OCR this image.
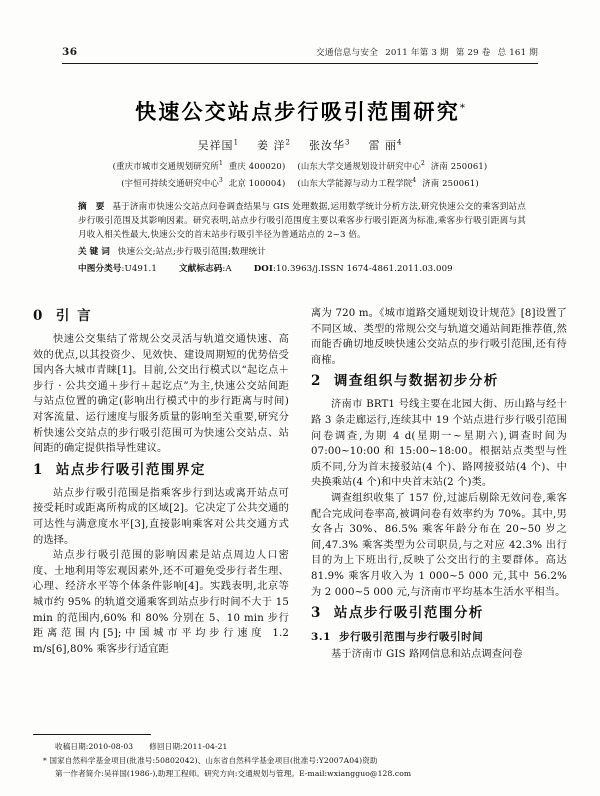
36	交通信息与安全 2011 年第 3 期 第 29 卷 总 161 期
快速公交站点步行吸引范围研究*
吴祥国$^1$ 姜 洋$^2$ 张汝华$^3$ 雷 丽$^4$
(重庆市城市交通规划研究所$^1$ 重庆 400020) (山东大学交通规划设计研究中心$^2$ 济南 250061)
(宇恒可持续交通研究中心$^3$ 北京 100004) (山东大学能源与动力工程学院$^4$ 济南 250061)

摘 要 基于济南市快速公交站点问卷调查结果与 GIS 处理数据,运用数学统计分析方法,研究快速公交的乘客到站点步行吸引范围及其影响因素。研究表明,站点步行吸引范围度主要以乘客步行吸引距离为标准,乘客步行吸引距离与其月收入相关性最大,快速公交的首末站步行吸引半径为普通站点的 2~3 倍。

关键词 快速公交;站点;步行吸引范围;数理统计

中图分类号:U491.1	文献标志码:A	DOI:10.3963/j.ISSN 1674-4861.2011.03.009

0 引 言

快速公交集结了常规公交灵活与轨道交通快速、高效的优点,以其投资少、见效快、建设周期短的优势倍受国内各大城市青睐[1]。目前,公交出行模式以“起讫点＋步行 · 公共交通＋步行＋起讫点”为主,快速公交站间距与站点位置的确定(影响出行模式中的步行距离与时间)对客流量、运行速度与服务质量的影响至关重要,研究分析快速公交站点的步行吸引范围可为快速公交站点、站间距的确定提供指导性建议。

1 站点步行吸引范围界定

站点步行吸引范围是指乘客步行到达或离开站点可接受耗时或距离所构成的区域[2]。它决定了公共交通的可达性与满意度水平[3],直接影响乘客对公共交通方式的选择。

站点步行吸引范围的影响因素是站点周边人口密度、土地利用等宏观因素外,还不可避免受步行者生理、心理、经济水平等个体条件影响[4]。实践表明,北京等城市约 95% 的轨道交通乘客到站点步行时间不大于 15 min 的范围内,60% 和 80% 分别在 5、10 min 步行距离范围内[5];中国城市平均步行速度 1.2 m/s[6],80% 乘客步行适宜距

离为 720 m。《城市道路交通规划设计规范》[8]设置了不同区域、类型的常规公交与轨道交通站间距推荐值,然而能否确切地反映快速公交站点的步行吸引范围,还有待商榷。

2 调查组织与数据初步分析

济南市 BRT1 号线主要在北园大街、历山路与经十路 3 条走廊运行,连续其中 19 个站点进行步行吸引范围问卷调查,为期 4 d(星期一~星期六),调查时间为 07:00~10:00 和 15:00~18:00。根据站点类型与性质不同,分为首末接驳站(4 个)、路网接驳站(4 个)、中央换乘站(4 个)和中央首末站(2 个)类。

调查组织收集了 157 份,过滤后剔除无效问卷,乘客配合完成问卷率高,被调问卷有效率约为 70%。其中,男女各占 30%、86.5% 乘客年龄分布在 20~50 岁之间,47.3% 乘客类型为公司职员,与之对应 42.3% 出行目的为上下班出行,反映了公交出行的主要群体。高达 81.9% 乘客月收入为 1 000~5 000 元,其中 56.2% 为 2 000~5 000 元,与济南市平均基本生活水平相当。

3 站点步行吸引范围分析
3.1 步行吸引范围与步行吸引时间

基于济南市 GIS 路网信息和站点调查问卷

收稿日期:2010-08-03 修回日期:2011-04-21
* 国家自然科学基金项目(批准号:50802042)、山东省自然科学基金项目(批准号:Y2007A04)资助
第一作者简介:吴祥国(1986-),助理工程师。研究方向:交通规划与管理。E-mail:wxiangguo@128.com
